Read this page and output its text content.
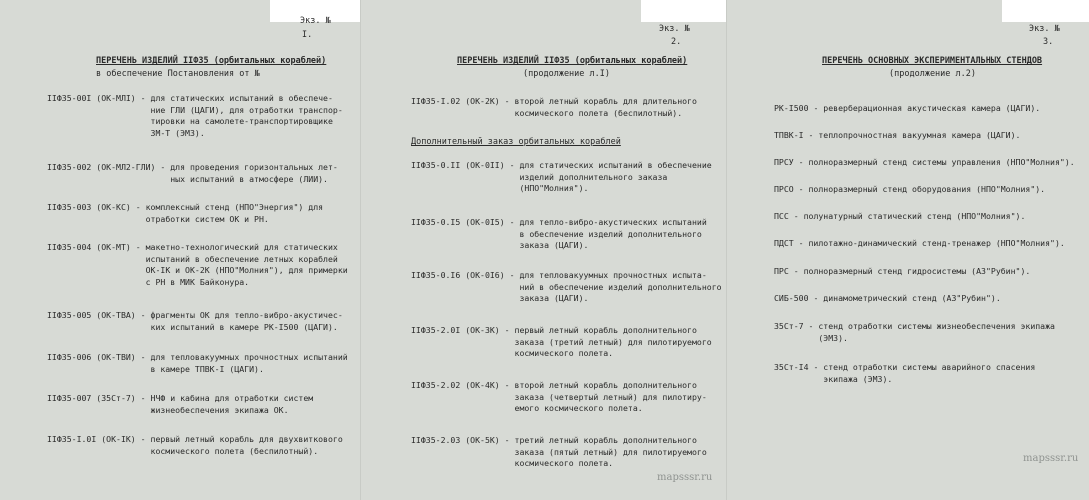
Экз. №
I.
ПЕРЕЧЕНЬ ИЗДЕЛИЙ IIФ35 (орбитальных кораблей)
в обеспечение Постановления от №
IIФ35-00I (ОК-МЛI) - для статических испытаний в обеспече-
ние ГЛИ (ЦАГИ), для отработки транспор-
тировки на самолете-транспортировщике
3М-Т (ЭМЗ).
IIФ35-002 (ОК-МЛ2-ГЛИ) - для проведения горизонтальных лет-
ных испытаний в атмосфере (ЛИИ).
IIФ35-003 (ОК-КС) - комплексный стенд (НПО"Энергия") для
отработки систем ОК и РН.
IIФ35-004 (ОК-МТ) - макетно-технологический для статических
испытаний в обеспечение летных кораблей
ОК-IК и ОК-2К (НПО"Молния"), для примерки
с РН в МИК Байконура.
IIФ35-005 (ОК-ТВА) - фрагменты ОК для тепло-вибро-акустичес-
ких испытаний в камере РК-I500 (ЦАГИ).
IIФ35-006 (ОК-ТВИ) - для тепловакуумных прочностных испытаний
в камере ТПВК-I (ЦАГИ).
IIФ35-007 (35Ст-7) - НЧФ и кабина для отработки систем
жизнеобеспечения экипажа ОК.
IIФ35-I.0I (ОК-IК) - первый летный корабль для двухвиткового
космического полета (беспилотный).
Экз. №
2.
ПЕРЕЧЕНЬ ИЗДЕЛИЙ IIФ35 (орбитальных кораблей)
(продолжение л.I)
IIФ35-I.02 (ОК-2К) - второй летный корабль для длительного
космического полета (беспилотный).
Дополнительный заказ орбитальных кораблей
IIФ35-0.II (ОК-0II) - для статических испытаний в обеспечение
изделий дополнительного заказа
(НПО"Молния").
IIФ35-0.I5 (ОК-0I5) - для тепло-вибро-акустических испытаний
в обеспечение изделий дополнительного
заказа (ЦАГИ).
IIФ35-0.I6 (ОК-0I6) - для тепловакуумных прочностных испыта-
ний в обеспечение изделий дополнительного
заказа (ЦАГИ).
IIФ35-2.0I (ОК-3К) - первый летный корабль дополнительного
заказа (третий летный) для пилотируемого
космического полета.
IIФ35-2.02 (ОК-4К) - второй летный корабль дополнительного
заказа (четвертый летный) для пилотиру-
емого космического полета.
IIФ35-2.03 (ОК-5К) - третий летный корабль дополнительного
заказа (пятый летный) для пилотируемого
космического полета.
mapsssr.ru
Экз. №
3.
ПЕРЕЧЕНЬ ОСНОВНЫХ ЭКСПЕРИМЕНТАЛЬНЫХ СТЕНДОВ
(продолжение л.2)
РК-I500 - реверберационная акустическая камера (ЦАГИ).
ТПВК-I - теплопрочностная вакуумная камера (ЦАГИ).
ПРСУ - полноразмерный стенд системы управления (НПО"Молния").
ПРСО - полноразмерный стенд оборудования (НПО"Молния").
ПСС - полунатурный статический стенд (НПО"Молния").
ПДСТ - пилотажно-динамический стенд-тренажер (НПО"Молния").
ПРС - полноразмерный стенд гидросистемы (АЗ"Рубин").
СИБ-500 - динамометрический стенд (АЗ"Рубин").
35Ст-7 - стенд отработки системы жизнеобеспечения экипажа
(ЭМЗ).
35Ст-I4 - стенд отработки системы аварийного спасения
экипажа (ЭМЗ).
mapsssr.ru
